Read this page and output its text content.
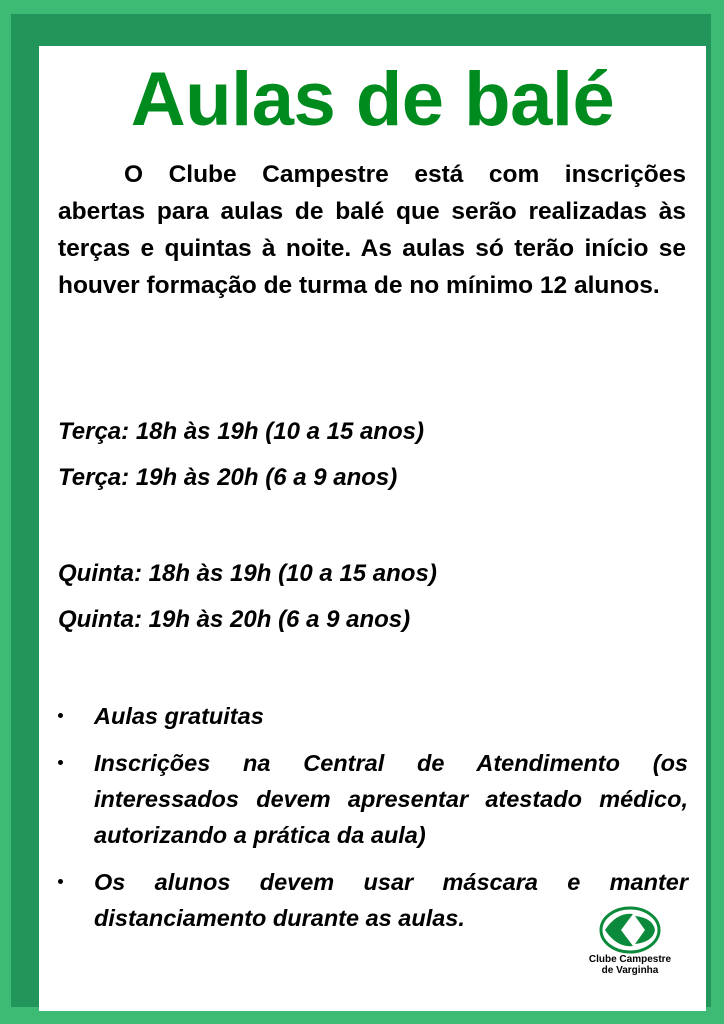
Aulas de balé
O Clube Campestre está com inscrições abertas para aulas de balé que serão realizadas às terças e quintas à noite. As aulas só terão início se houver formação de turma de no mínimo 12 alunos.
Terça: 18h às 19h (10 a 15 anos)
Terça: 19h às 20h (6 a 9 anos)
Quinta: 18h às 19h (10 a 15 anos)
Quinta: 19h às 20h (6 a 9 anos)
Aulas gratuitas
Inscrições na Central de Atendimento (os interessados devem apresentar atestado médico, autorizando a prática da aula)
Os alunos devem usar máscara e manter distanciamento durante as aulas.
Clube Campestre
de Varginha
